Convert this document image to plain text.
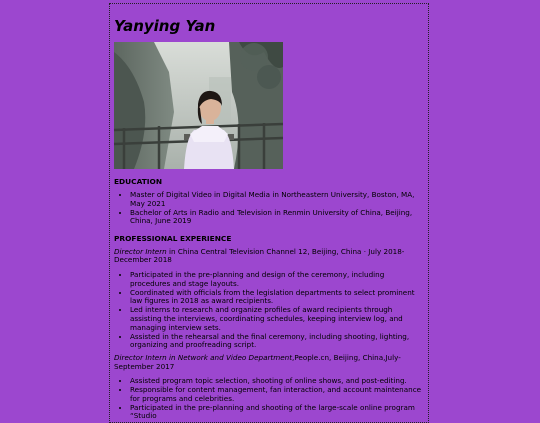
Yanying Yan
EDUCATION
• Master of Digital Video in Digital Media in Northeastern University, Boston, MA, May 2021
• Bachelor of Arts in Radio and Television in Renmin University of China, Beijing, China, June 2019
PROFESSIONAL EXPERIENCE

Director Intern in China Central Television Channel 12, Beijing, China · July 2018-December 2018

• Participated in the pre-planning and design of the ceremony, including procedures and stage layouts.
• Coordinated with officials from the legislation departments to select prominent law figures in 2018 as award recipients.
• Led interns to research and organize profiles of award recipients through assisting the interviews, coordinating schedules, keeping interview log, and managing interview sets.
• Assisted in the rehearsal and the final ceremony, including shooting, lighting, organizing and proofreading script.

Director Intern in Network and Video Department,People.cn, Beijing, China,July-September 2017

• Assisted program topic selection, shooting of online shows, and post-editing.
• Responsible for content management, fan interaction, and account maintenance for programs and celebrities.
• Participated in the pre-planning and shooting of the large-scale online program “Studio
